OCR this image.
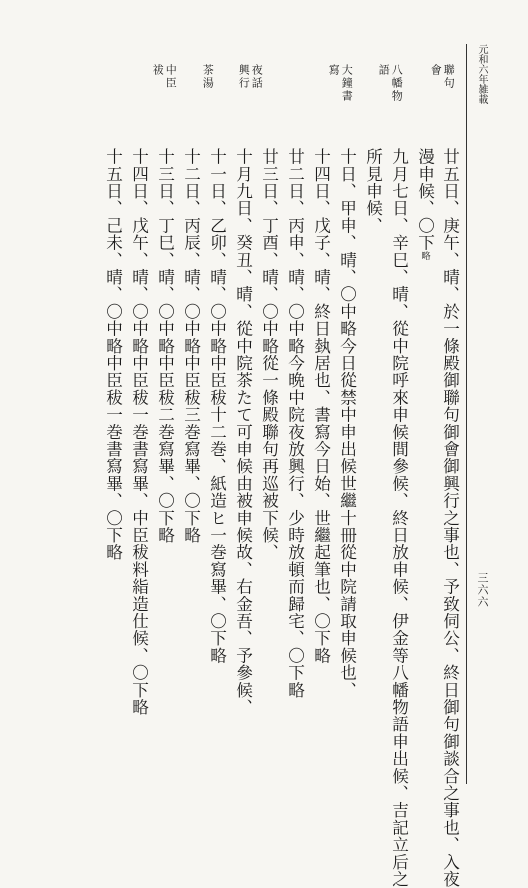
三六六
元和六年雑載
聯句
會
八幡物
語
大鐘書
寫
夜話
興行
茶湯
中臣
祓
廿五日、庚午、晴、於一條殿御聯句御會御興行之事也、予致伺公、終日御句御談合之事也、入夜
漫申候、〇下略
九月七日、辛巳、晴、從中院呼來申候間參候、終日放申候、伊金等八幡物語申出候、吉記立后之
所見申候、
十日、甲申、晴、〇中略今日從禁中申出候世繼十冊從中院請取申候也、
十四日、戊子、晴、終日埶居也、書寫今日始、世繼起筆也、〇下略
廿二日、丙申、晴、〇中略今晩中院夜放興行、少時放頓而歸宅、〇下略
廿三日、丁酉、晴、〇中略從一條殿聯句再巡被下候、
十月九日、癸丑、晴、從中院茶たて可申候由被申候故、右金吾、予參候、
十一日、乙卯、晴、〇中略中臣秡十二巻、紙造ヒ一巻寫畢、〇下略
十二日、丙辰、晴、〇中略中臣秡三巻寫畢、〇下略
十三日、丁巳、晴、〇中略中臣秡二巻寫畢、〇下略
十四日、戊午、晴、〇中略中臣秡一巻書寫畢、中臣秡料𥿻造仕候、〇下略
十五日、己未、晴、〇中略中臣秡一巻書寫畢、〇下略
